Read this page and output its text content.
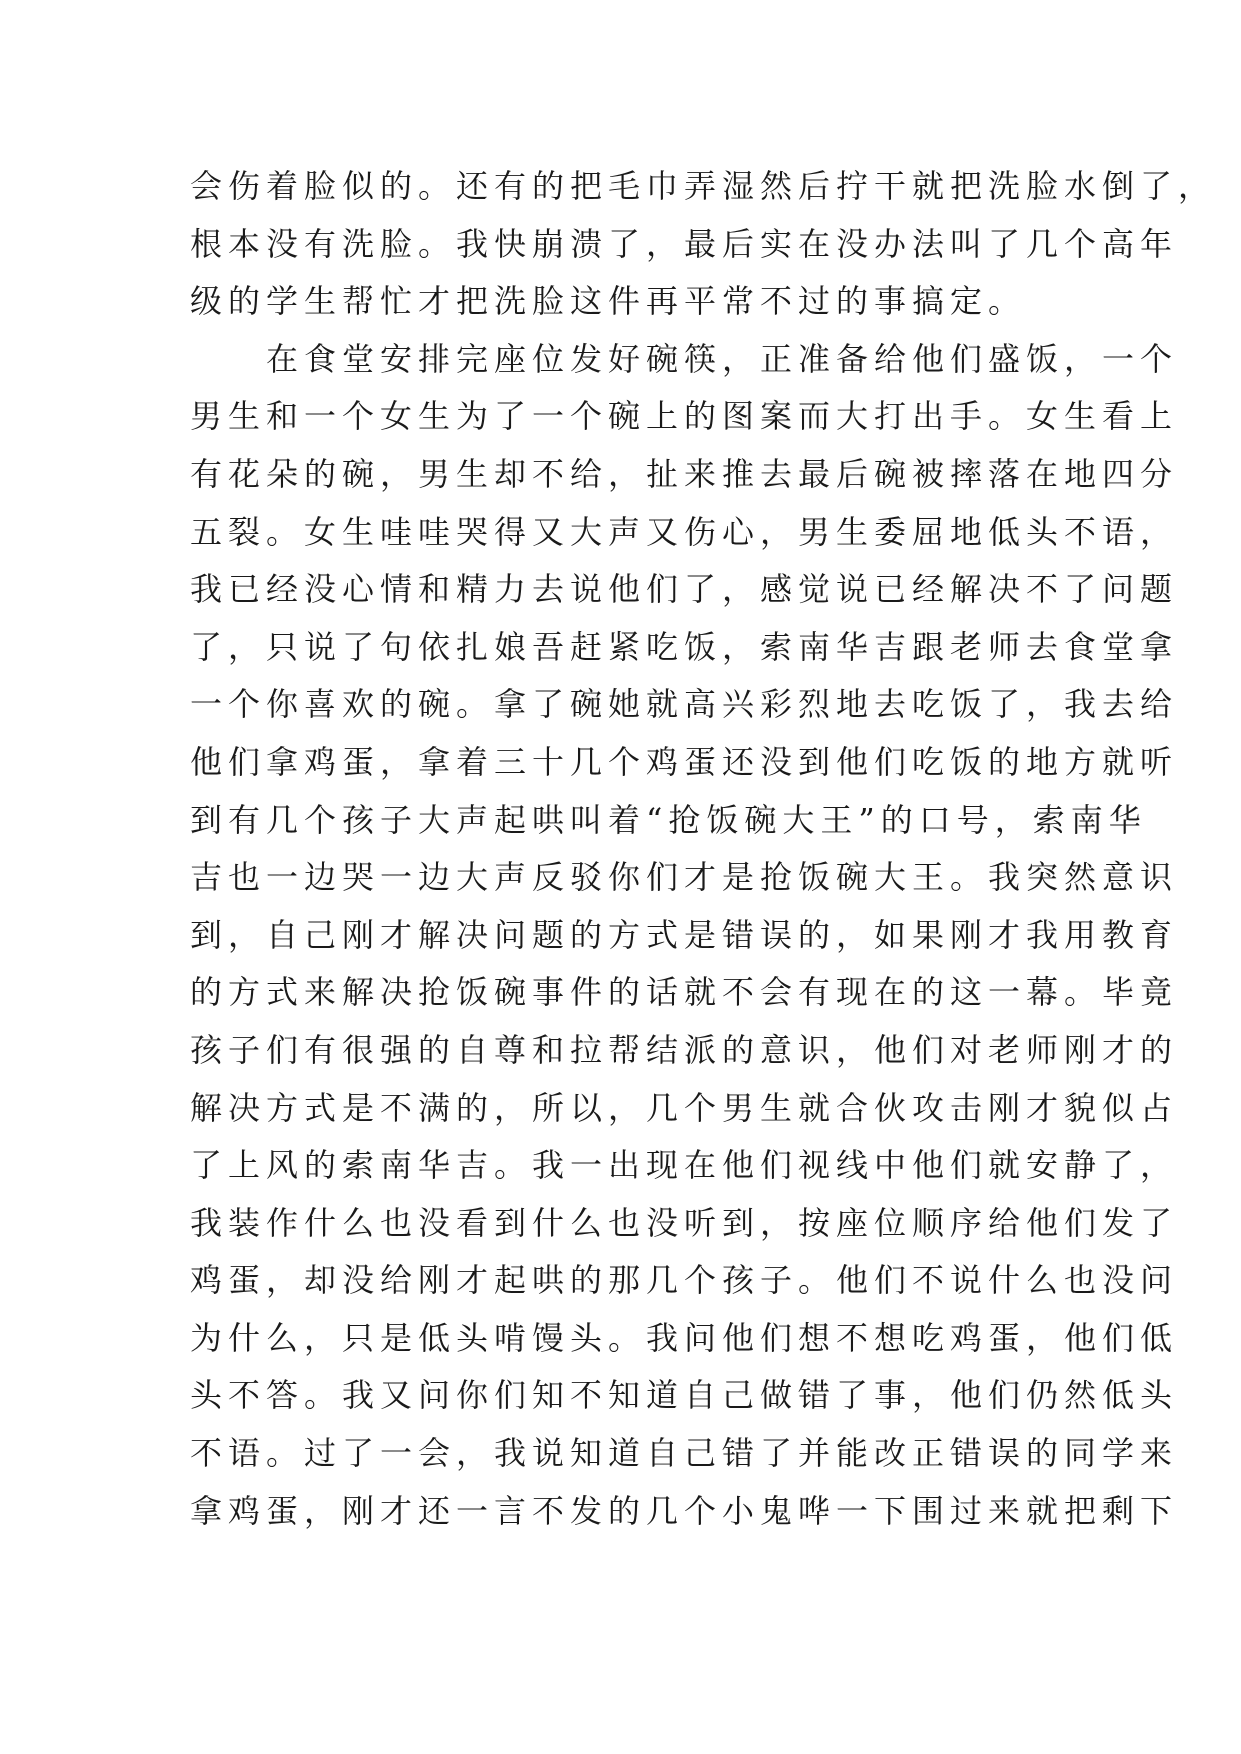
会伤着脸似的。还有的把毛巾弄湿然后拧干就把洗脸水倒了，
根本没有洗脸。我快崩溃了，最后实在没办法叫了几个高年
级的学生帮忙才把洗脸这件再平常不过的事搞定。
在食堂安排完座位发好碗筷，正准备给他们盛饭，一个
男生和一个女生为了一个碗上的图案而大打出手。女生看上
有花朵的碗，男生却不给，扯来推去最后碗被摔落在地四分
五裂。女生哇哇哭得又大声又伤心，男生委屈地低头不语，
我已经没心情和精力去说他们了，感觉说已经解决不了问题
了，只说了句依扎娘吾赶紧吃饭，索南华吉跟老师去食堂拿
一个你喜欢的碗。拿了碗她就高兴彩烈地去吃饭了，我去给
他们拿鸡蛋，拿着三十几个鸡蛋还没到他们吃饭的地方就听
到有几个孩子大声起哄叫着“抢饭碗大王”的口号，索南华
吉也一边哭一边大声反驳你们才是抢饭碗大王。我突然意识
到，自己刚才解决问题的方式是错误的，如果刚才我用教育
的方式来解决抢饭碗事件的话就不会有现在的这一幕。毕竟
孩子们有很强的自尊和拉帮结派的意识，他们对老师刚才的
解决方式是不满的，所以，几个男生就合伙攻击刚才貌似占
了上风的索南华吉。我一出现在他们视线中他们就安静了，
我装作什么也没看到什么也没听到，按座位顺序给他们发了
鸡蛋，却没给刚才起哄的那几个孩子。他们不说什么也没问
为什么，只是低头啃馒头。我问他们想不想吃鸡蛋，他们低
头不答。我又问你们知不知道自己做错了事，他们仍然低头
不语。过了一会，我说知道自己错了并能改正错误的同学来
拿鸡蛋，刚才还一言不发的几个小鬼哗一下围过来就把剩下
